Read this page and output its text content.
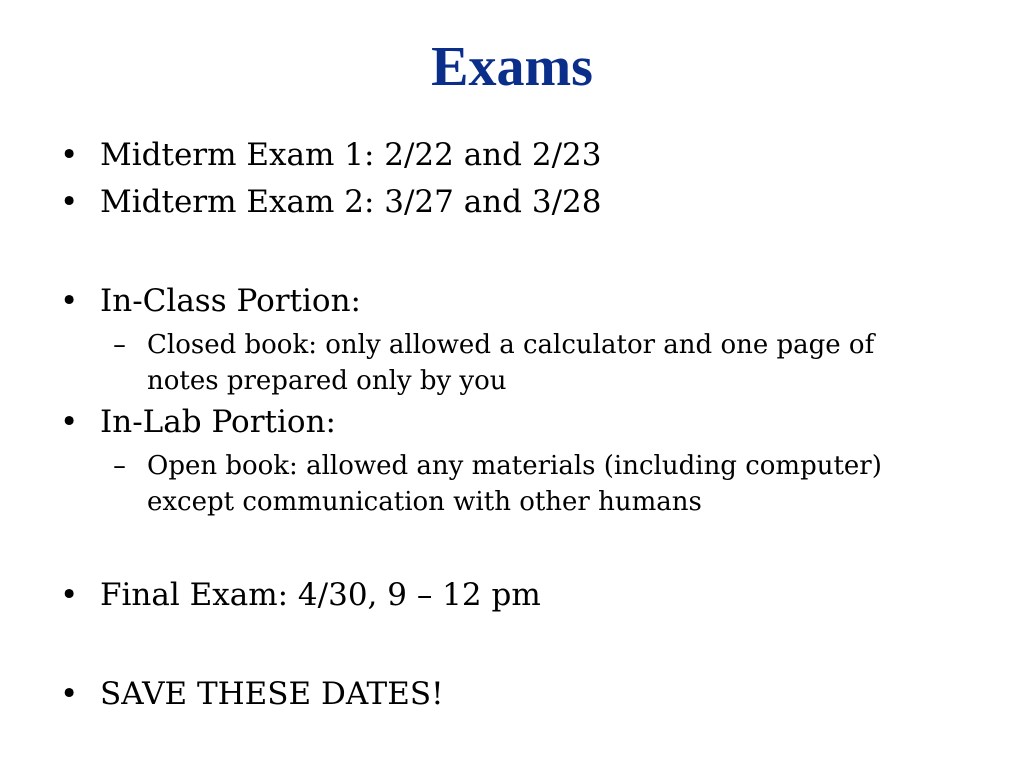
Exams
• Midterm Exam 1: 2/22 and 2/23
• Midterm Exam 2: 3/27 and 3/28
• In-Class Portion:
– Closed book: only allowed a calculator and one page of
notes prepared only by you
• In-Lab Portion:
– Open book: allowed any materials (including computer)
except communication with other humans
• Final Exam: 4/30, 9 – 12 pm
• SAVE THESE DATES!
